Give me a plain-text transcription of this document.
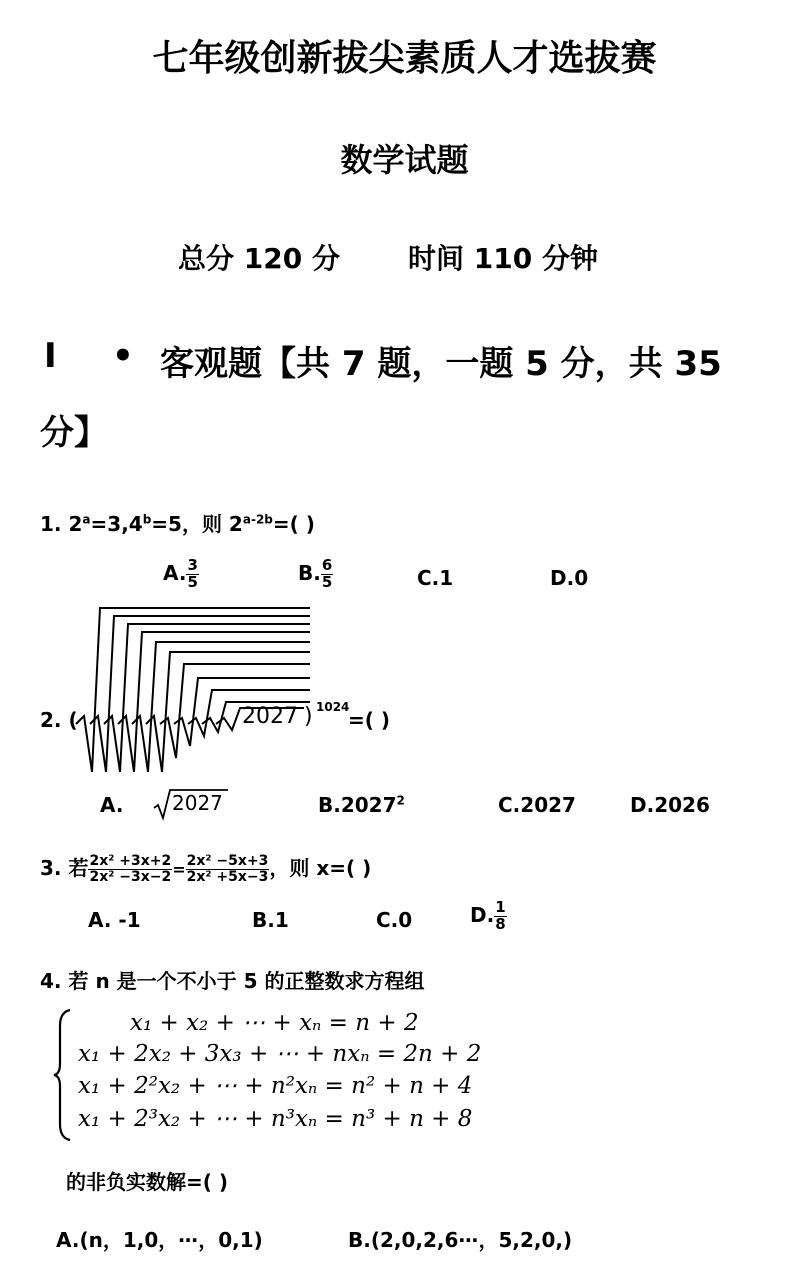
七年级创新拔尖素质人才选拔赛
数学试题
总分 120 分 时间 110 分钟
Ⅰ • 客观题【共 7 题，一题 5 分，共 35
分】
1. $2^a=3,4^b=5$，则 $2^{a-2b}=$( )
A. $\frac{3}{5}$	B. $\frac{6}{5}$	C.1	D.0
2. (	2027 ) 1024
=( )
A. 2027	B.2027$^2$	C.2027	D.2026
3. 若 $\frac{\text{2x² +3x+2}}{\text{2x² −3x−2}} = \frac{\text{2x² −5x+3}}{\text{2x² +5x−3}}$ ，则 x=( )
A. -1	B.1	C.0	D. $\frac{1}{8}$
4. 若 n 是一个不小于 5 的正整数求方程组
x₁ + x₂ + ⋯ + xₙ = n + 2
x₁ + 2x₂ + 3x₃ + ⋯ + nxₙ = 2n + 2
x₁ + 2²x₂ + ⋯ + n²xₙ = n² + n + 4
x₁ + 2³x₂ + ⋯ + n³xₙ = n³ + n + 8
的非负实数解=( )
A.(n，1,0，⋯，0,1)	B.(2,0,2,6⋯，5,2,0,)
